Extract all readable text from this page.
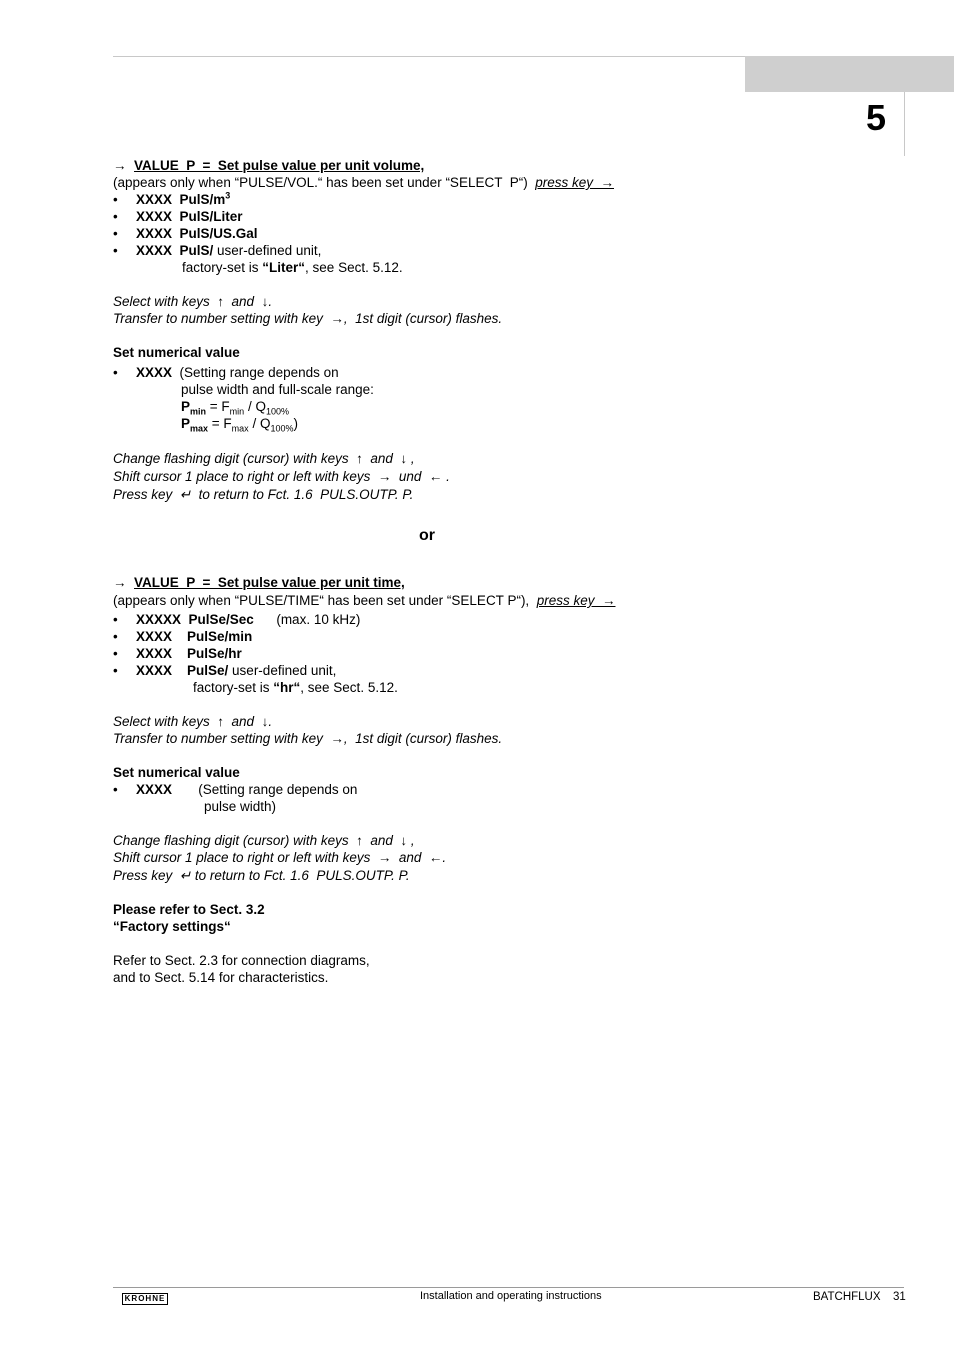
5
→ VALUE  P  =  Set pulse value per unit volume,
(appears only when “PULSE/VOL.“ has been set under “SELECT  P“) press key  →
• XXXX  PulS/$m^3$
• XXXX  PulS/Liter
• XXXX  PulS/US.Gal
• XXXX  PulS/ user-defined unit,
factory-set is “Liter“, see Sect. 5.12.
Select with keys  ↑  and  ↓.
Transfer to number setting with key  →,  1st digit (cursor) flashes.
Set numerical value
• XXXX  (Setting range depends on
pulse width and full-scale range:
$P_{min} = F_{min} / Q_{100\%}$
$P_{max} = F_{max} / Q_{100\%}$)
Change flashing digit (cursor) with keys  ↑  and  ↓ ,
Shift cursor 1 place to right or left with keys  →  und  ← .
Press key  ↵  to return to Fct. 1.6  PULS.OUTP. P.
or
→ VALUE  P  =  Set pulse value per unit time,
(appears only when “PULSE/TIME“ has been set under “SELECT P“), press key  →
• XXXXX  PulSe/Sec      (max. 10 kHz)
• XXXX    PulSe/min
• XXXX    PulSe/hr
• XXXX    PulSe/ user-defined unit,
factory-set is “hr“, see Sect. 5.12.
Select with keys  ↑  and  ↓.
Transfer to number setting with key  →,  1st digit (cursor) flashes.
Set numerical value
• XXXX       (Setting range depends on
pulse width)
Change flashing digit (cursor) with keys  ↑  and  ↓ ,
Shift cursor 1 place to right or left with keys  →  and  ←.
Press key  ↵ to return to Fct. 1.6  PULS.OUTP. P.
Please refer to Sect. 3.2
“Factory settings“
Refer to Sect. 2.3 for connection diagrams,
and to Sect. 5.14 for characteristics.
KROHNE	Installation and operating instructions	BATCHFLUX 31
